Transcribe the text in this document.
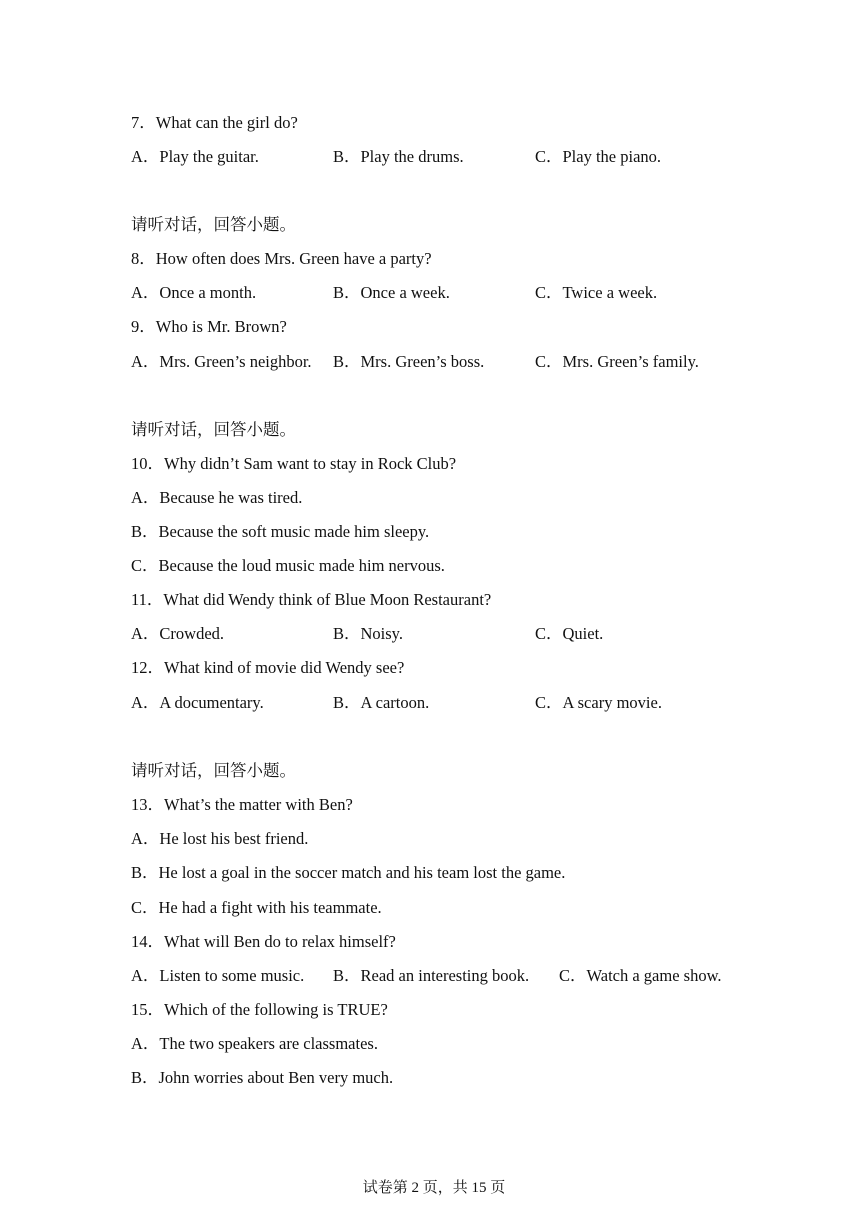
7．What can the girl do?
A．Play the guitar.	B．Play the drums.	C．Play the piano.
请听对话，回答小题。
8．How often does Mrs. Green have a party?
A．Once a month.	B．Once a week.	C．Twice a week.
9．Who is Mr. Brown?
A．Mrs. Green’s neighbor. B．Mrs. Green’s boss.	C．Mrs. Green’s family.
请听对话，回答小题。
10．Why didn’t Sam want to stay in Rock Club?
A．Because he was tired.
B．Because the soft music made him sleepy.
C．Because the loud music made him nervous.
11．What did Wendy think of Blue Moon Restaurant?
A．Crowded.	B．Noisy.	C．Quiet.
12．What kind of movie did Wendy see?
A．A documentary.	B．A cartoon.	C．A scary movie.
请听对话，回答小题。
13．What’s the matter with Ben?
A．He lost his best friend.
B．He lost a goal in the soccer match and his team lost the game.
C．He had a fight with his teammate.
14．What will Ben do to relax himself?
A．Listen to some music. B．Read an interesting book. C．Watch a game show.
15．Which of the following is TRUE?
A．The two speakers are classmates.
B．John worries about Ben very much.
试卷第 2 页，共 15 页
